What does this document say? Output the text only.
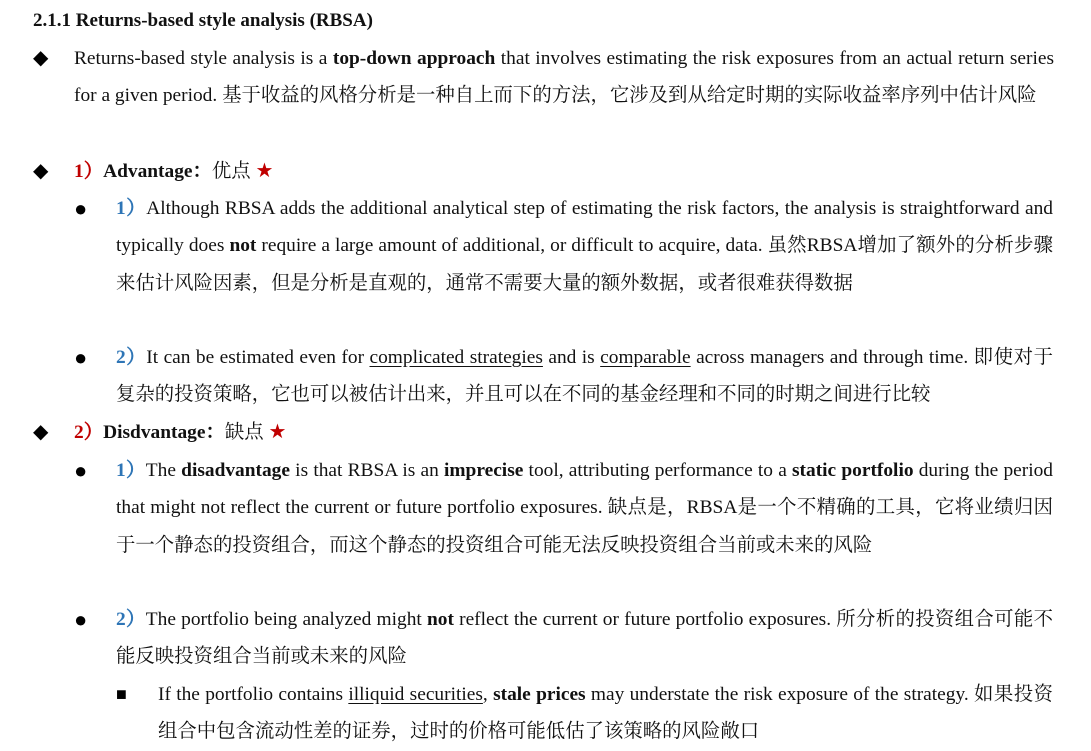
2.1.1 Returns-based style analysis (RBSA)
◆ Returns-based style analysis is a top-down approach that involves estimating the risk exposures from an actual return series for a given period. 基于收益的风格分析是一种自上而下的方法，它涉及到从给定时期的实际收益率序列中估计风险
◆ 1）Advantage：优点 ★
● 1）Although RBSA adds the additional analytical step of estimating the risk factors, the analysis is straightforward and typically does not require a large amount of additional, or difficult to acquire, data. 虽然RBSA增加了额外的分析步骤来估计风险因素，但是分析是直观的，通常不需要大量的额外数据，或者很难获得数据
● 2）It can be estimated even for complicated strategies and is comparable across managers and through time. 即使对于复杂的投资策略，它也可以被估计出来，并且可以在不同的基金经理和不同的时期之间进行比较
◆ 2）Disdvantage：缺点 ★
● 1）The disadvantage is that RBSA is an imprecise tool, attributing performance to a static portfolio during the period that might not reflect the current or future portfolio exposures. 缺点是，RBSA是一个不精确的工具，它将业绩归因于一个静态的投资组合，而这个静态的投资组合可能无法反映投资组合当前或未来的风险
● 2）The portfolio being analyzed might not reflect the current or future portfolio exposures. 所分析的投资组合可能不能反映投资组合当前或未来的风险
■ If the portfolio contains illiquid securities, stale prices may understate the risk exposure of the strategy. 如果投资组合中包含流动性差的证券，过时的价格可能低估了该策略的风险敞口
